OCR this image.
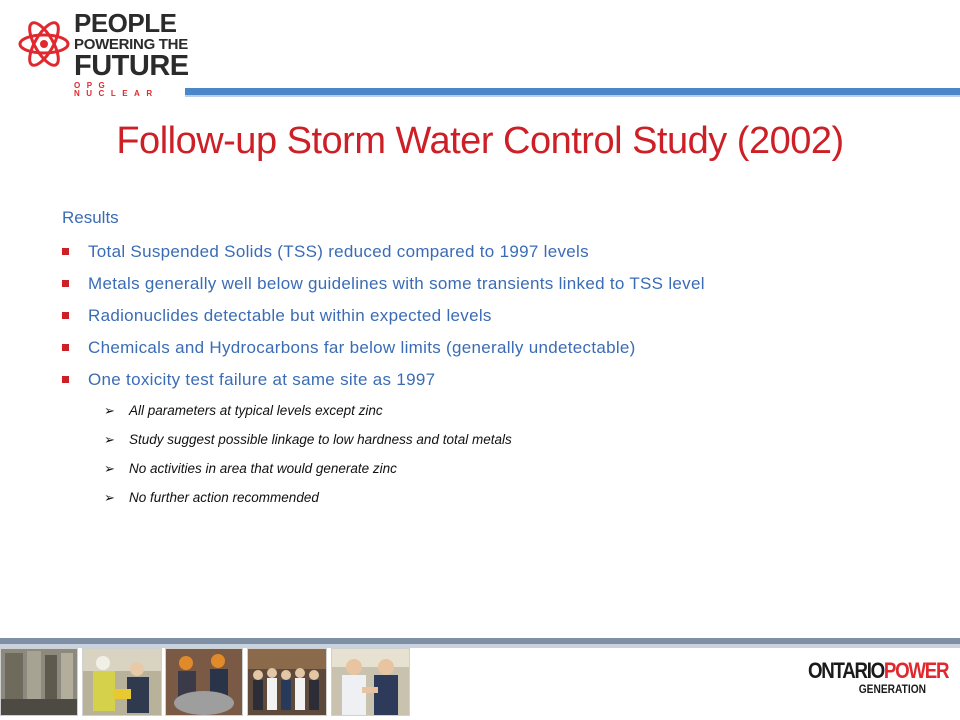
PEOPLE
POWERING THE
FUTURE
OPG NUCLEAR
Follow-up Storm Water Control Study (2002)
Results
Total Suspended Solids (TSS) reduced compared to 1997 levels
Metals generally well below guidelines with some transients linked to TSS level
Radionuclides detectable but within expected levels
Chemicals and Hydrocarbons far below limits (generally undetectable)
One toxicity test failure at same site as 1997
➢ All parameters at typical levels except zinc
➢ Study suggest possible linkage to low hardness and total metals
➢ No activities in area that would generate zinc
➢ No further action recommended
ONTARIOPOWER
GENERATION
